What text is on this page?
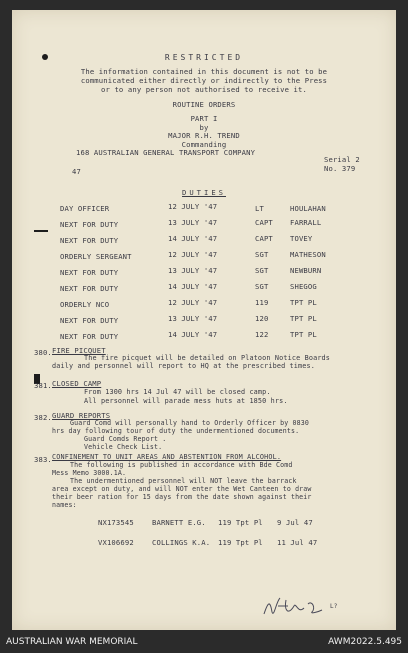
RESTRICTED
The information contained in this document is not to be
communicated either directly or indirectly to the Press
or to any person not authorised to receive it.
ROUTINE ORDERS
PART I
by
MAJOR R.H. TREND
Commanding
168 AUSTRALIAN GENERAL TRANSPORT COMPANY
Serial 2
No. 379
47
DUTIES
DAY OFFICER	12 JULY '47	LT	HOULAHAN
NEXT FOR DUTY	13 JULY '47	CAPT FARRALL
NEXT FOR DUTY	14 JULY '47	CAPT TOVEY
ORDERLY SERGEANT	12 JULY '47	SGT	MATHESON
NEXT FOR DUTY	13 JULY '47	SGT	NEWBURN
NEXT FOR DUTY	14 JULY '47	SGT	SHEGOG
ORDERLY NCO	12 JULY '47	119	TPT PL
NEXT FOR DUTY	13 JULY '47	120	TPT PL
NEXT FOR DUTY	14 JULY '47	122	TPT PL
380. FIRE PICQUET
The fire picquet will be detailed on Platoon Notice Boards
daily and personnel will report to HQ at the prescribed times.
381. CLOSED CAMP
From 1300 hrs 14 Jul 47 will be closed camp.
All personnel will parade mess huts at 1850 hrs.
382. GUARD REPORTS
Guard Comd will personally hand to Orderly Officer by 0830
hrs day following tour of duty the undermentioned documents.
Guard Comds Report .
Vehicle Check List.
383. CONFINEMENT TO UNIT AREAS AND ABSTENTION FROM ALCOHOL.
The following is published in accordance with Bde Comd
Mess Memo 3000.1A.
The undermentioned personnel will NOT leave the barrack
area except on duty, and will NOT enter the Wet Canteen to draw
their beer ration for 15 days from the date shown against their
names:
NX173545	BARNETT E.G. 119 Tpt Pl 9 Jul 47
VX106692	COLLINGS K.A. 119 Tpt Pl 11 Jul 47
L?
AUSTRALIAN WAR MEMORIAL	AWM2022.5.495
